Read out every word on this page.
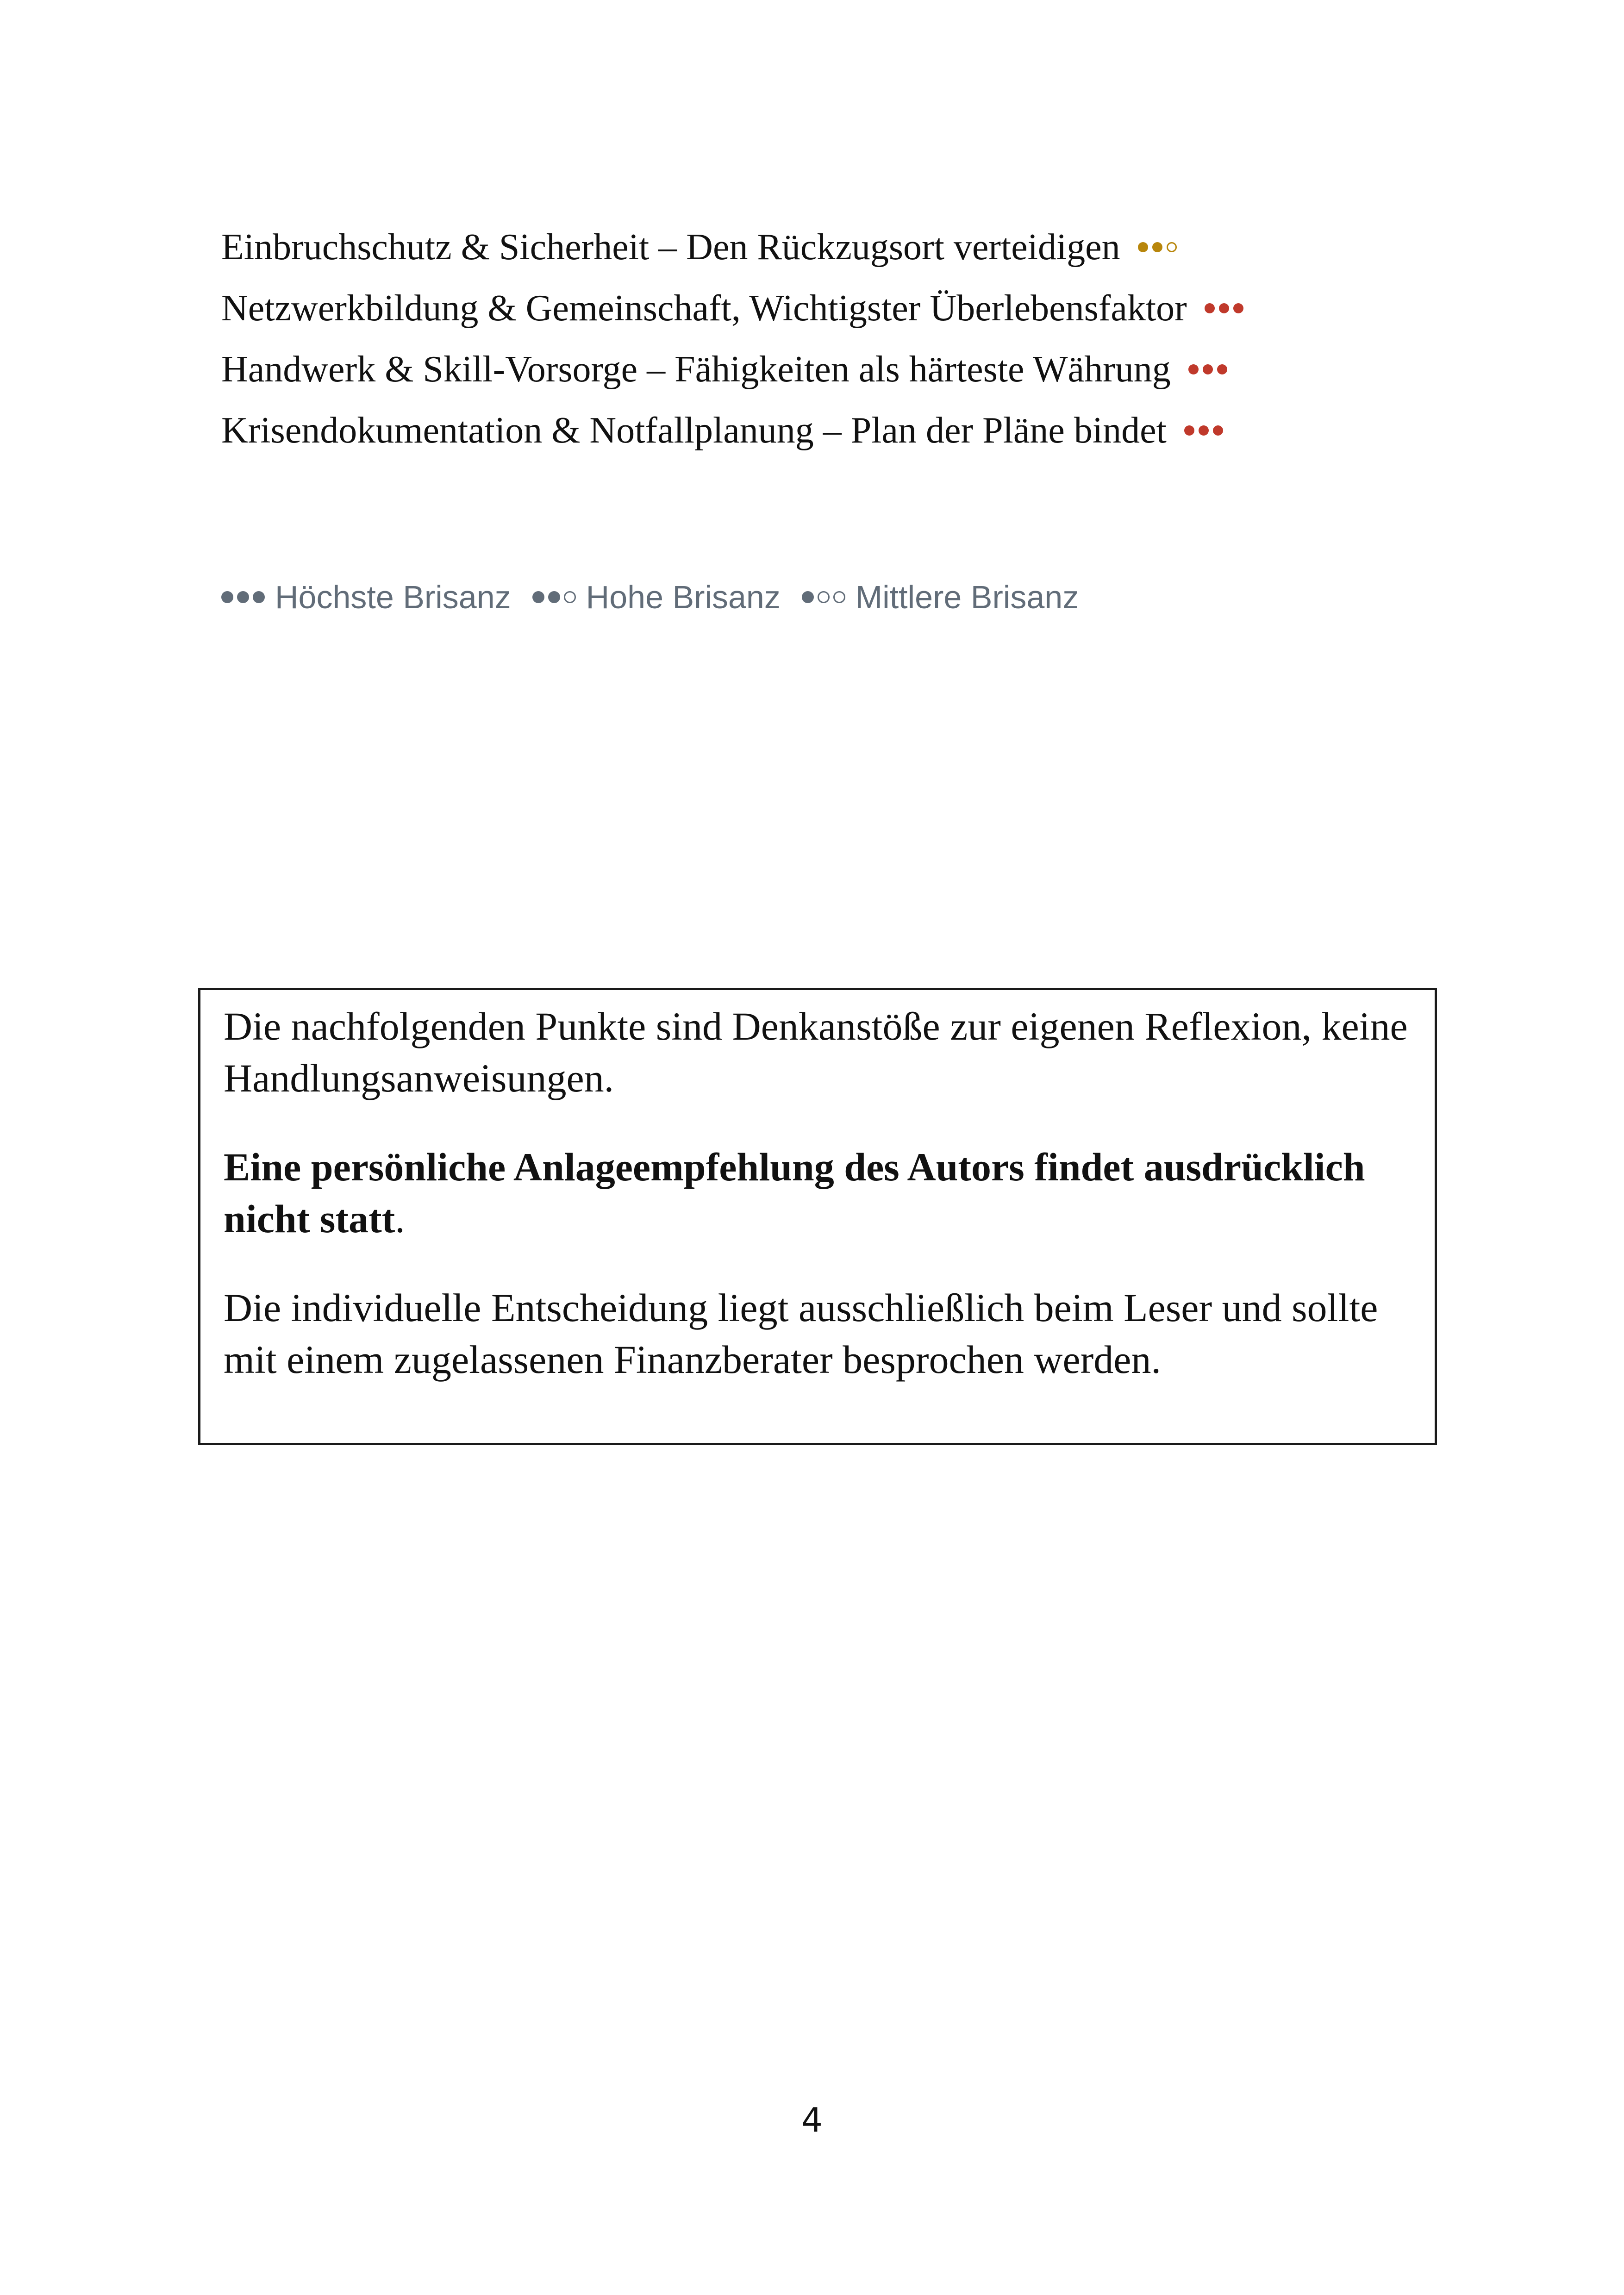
Einbruchschutz & Sicherheit – Den Rückzugsort verteidigen
Netzwerkbildung & Gemeinschaft, Wichtigster Überlebensfaktor
Handwerk & Skill-Vorsorge – Fähigkeiten als härteste Währung
Krisendokumentation & Notfallplanung – Plan der Pläne bindet
Höchste Brisanz Hohe Brisanz Mittlere Brisanz

Die nachfolgenden Punkte sind Denkanstöße zur eigenen Reflexion, keine Handlungsanweisungen.

Eine persönliche Anlageempfehlung des Autors findet ausdrücklich nicht statt.

Die individuelle Entscheidung liegt ausschließlich beim Leser und sollte mit einem zugelassenen Finanzberater besprochen werden.

4
